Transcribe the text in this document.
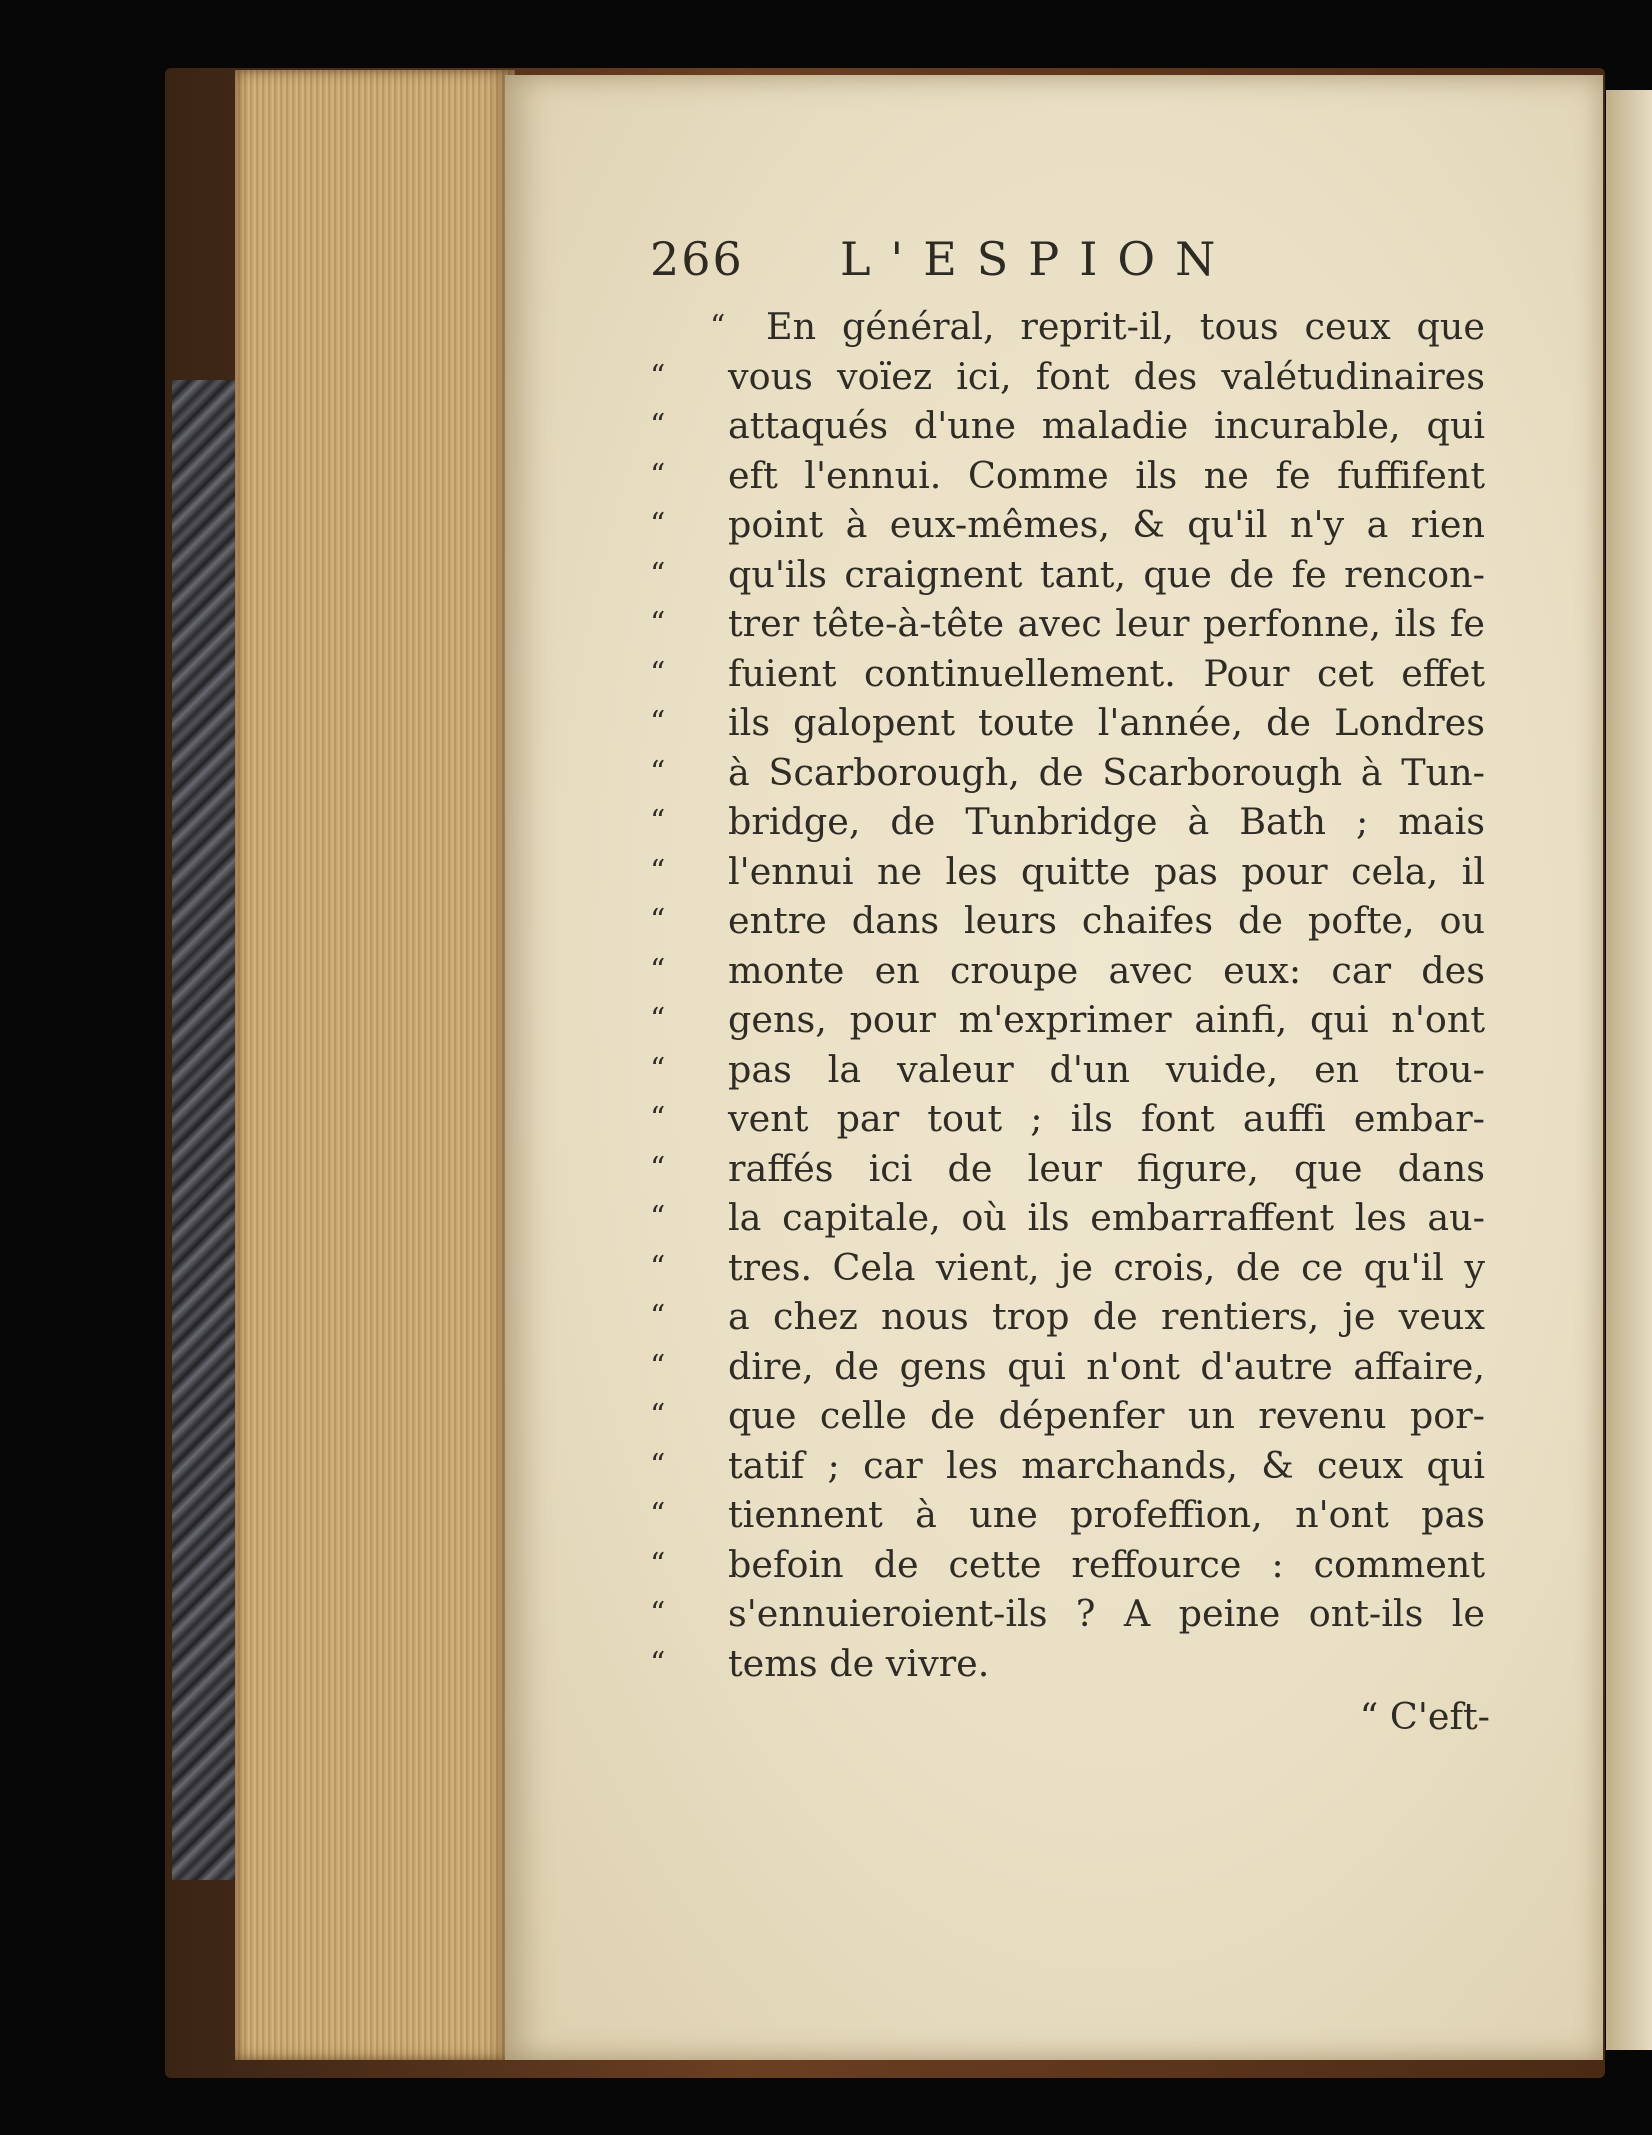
266 L'ESPION
“	En général, reprit-il, tous ceux que
“	vous voïez ici, font des valétudinaires
“	attaqués d'une maladie incurable, qui
“	eft l'ennui. Comme ils ne fe fuffifent
“	point à eux-mêmes, & qu'il n'y a rien
“	qu'ils craignent tant, que de fe rencon-
“	trer tête-à-tête avec leur perfonne, ils fe
“	fuient continuellement. Pour cet effet
“	ils galopent toute l'année, de Londres
“	à Scarborough, de Scarborough à Tun-
“	bridge, de Tunbridge à Bath ; mais
“	l'ennui ne les quitte pas pour cela, il
“	entre dans leurs chaifes de pofte, ou
“	monte en croupe avec eux: car des
“	gens, pour m'exprimer ainfi, qui n'ont
“	pas la valeur d'un vuide, en trou-
“	vent par tout ; ils font auffi embar-
“	raffés ici de leur figure, que dans
“	la capitale, où ils embarraffent les au-
“	tres. Cela vient, je crois, de ce qu'il y
“	a chez nous trop de rentiers, je veux
“	dire, de gens qui n'ont d'autre affaire,
“	que celle de dépenfer un revenu por-
“	tatif ; car les marchands, & ceux qui
“	tiennent à une profeffion, n'ont pas
“	befoin de cette reffource : comment
“	s'ennuieroient-ils ? A peine ont-ils le
“	tems de vivre.
“ C'eft-
